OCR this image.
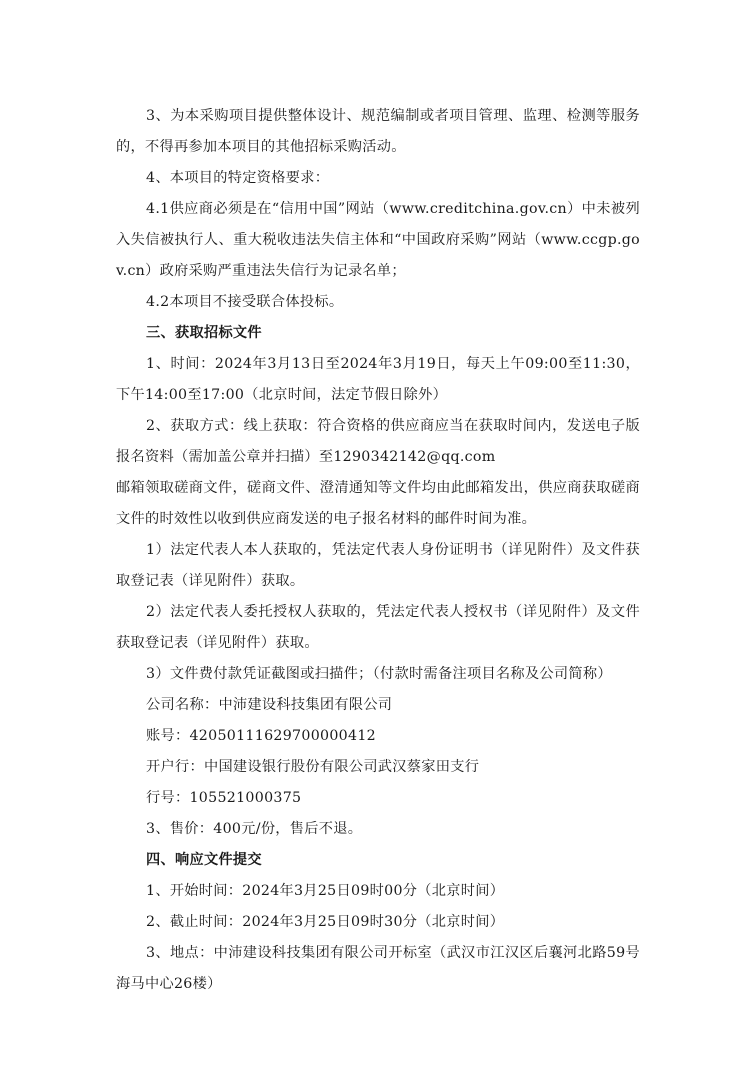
3、为本采购项目提供整体设计、规范编制或者项目管理、监理、检测等服务的，不得再参加本项目的其他招标采购活动。

4、本项目的特定资格要求：

4.1供应商必须是在“信用中国”网站（www.creditchina.gov.cn）中未被列入失信被执行人、重大税收违法失信主体和“中国政府采购”网站（www.ccgp.gov.cn）政府采购严重违法失信行为记录名单；

4.2本项目不接受联合体投标。

三、获取招标文件

1、时间：2024年3月13日至2024年3月19日，每天上午09:00至11:30，下午14:00至17:00（北京时间，法定节假日除外）

2、获取方式：线上获取：符合资格的供应商应当在获取时间内，发送电子版报名资料（需加盖公章并扫描）至1290342142@qq.com

邮箱领取磋商文件，磋商文件、澄清通知等文件均由此邮箱发出，供应商获取磋商文件的时效性以收到供应商发送的电子报名材料的邮件时间为准。

1）法定代表人本人获取的，凭法定代表人身份证明书（详见附件）及文件获取登记表（详见附件）获取。

2）法定代表人委托授权人获取的，凭法定代表人授权书（详见附件）及文件获取登记表（详见附件）获取。

3）文件费付款凭证截图或扫描件；（付款时需备注项目名称及公司简称）

公司名称：中沛建设科技集团有限公司

账号：42050111629700000412

开户行：中国建设银行股份有限公司武汉蔡家田支行

行号：105521000375

3、售价：400元/份，售后不退。

四、响应文件提交

1、开始时间：2024年3月25日09时00分（北京时间）

2、截止时间：2024年3月25日09时30分（北京时间）

3、地点：中沛建设科技集团有限公司开标室（武汉市江汉区后襄河北路59号海马中心26楼）
